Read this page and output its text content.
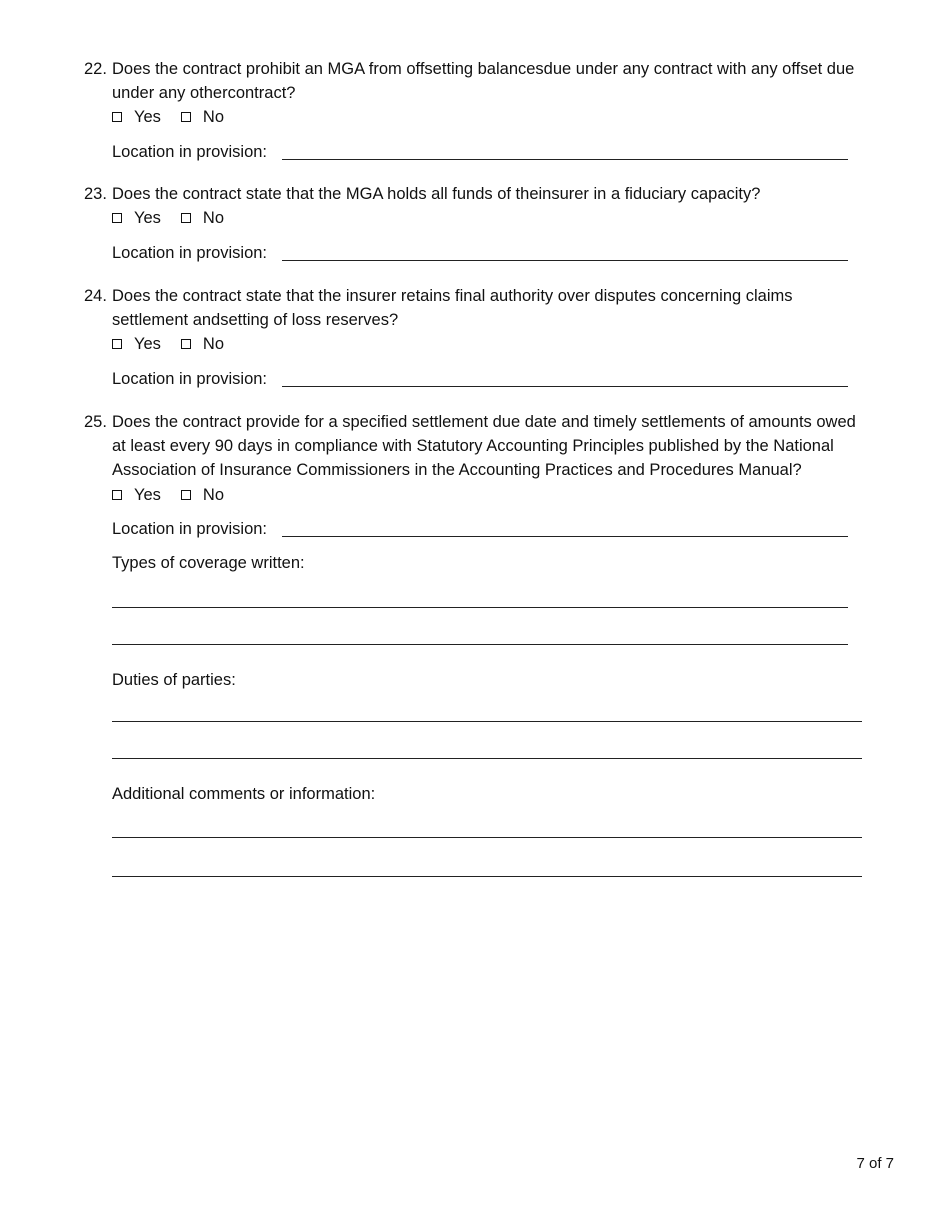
22. Does the contract prohibit an MGA from offsetting balancesdue under any contract with any offset due
under any othercontract?
Yes	No
Location in provision:
23. Does the contract state that the MGA holds all funds of theinsurer in a fiduciary capacity?
Yes	No
Location in provision:
24. Does the contract state that the insurer retains final authority over disputes concerning claims
settlement andsetting of loss reserves?
Yes	No
Location in provision:
25. Does the contract provide for a specified settlement due date and timely settlements of amounts owed
at least every 90 days in compliance with Statutory Accounting Principles published by the National
Association of Insurance Commissioners in the Accounting Practices and Procedures Manual?
Yes	No
Location in provision:
Types of coverage written:
Duties of parties:
Additional comments or information:
7 of 7
